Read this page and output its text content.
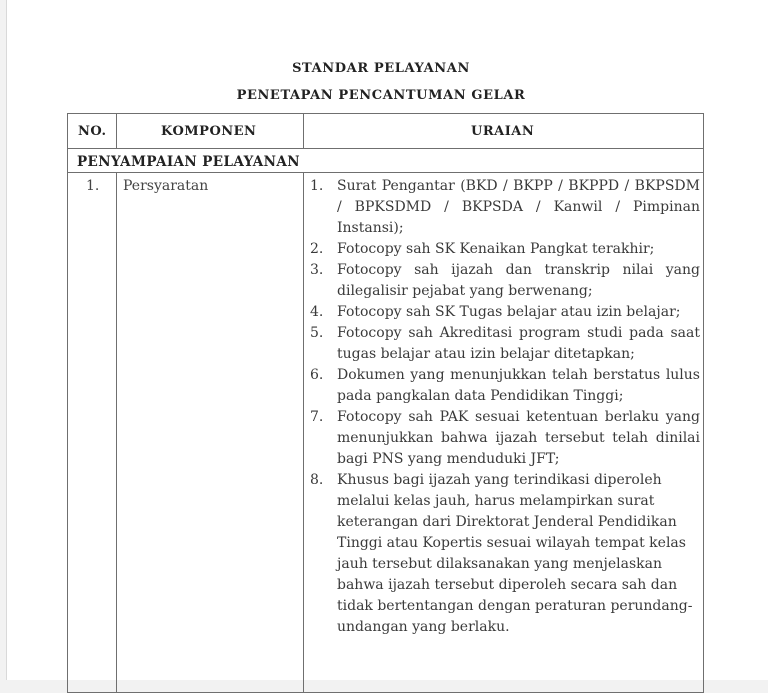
STANDAR PELAYANAN
PENETAPAN PENCANTUMAN GELAR
NO.	KOMPONEN	URAIAN
PENYAMPAIAN PELAYANAN
1. Persyaratan	1. Surat Pengantar (BKD / BKPP / BKPPD / BKPSDM / BPKSDMD / BKPSDA / Kanwil / Pimpinan Instansi);
2. Fotocopy sah SK Kenaikan Pangkat terakhir;
3. Fotocopy sah ijazah dan transkrip nilai yang dilegalisir pejabat yang berwenang;
4. Fotocopy sah SK Tugas belajar atau izin belajar;
5. Fotocopy sah Akreditasi program studi pada saat tugas belajar atau izin belajar ditetapkan;
6. Dokumen yang menunjukkan telah berstatus lulus pada pangkalan data Pendidikan Tinggi;
7. Fotocopy sah PAK sesuai ketentuan berlaku yang menunjukkan bahwa ijazah tersebut telah dinilai bagi PNS yang menduduki JFT;
8. Khusus bagi ijazah yang terindikasi diperoleh melalui kelas jauh, harus melampirkan surat keterangan dari Direktorat Jenderal Pendidikan Tinggi atau Kopertis sesuai wilayah tempat kelas jauh tersebut dilaksanakan yang menjelaskan bahwa ijazah tersebut diperoleh secara sah dan tidak bertentangan dengan peraturan perundang-undangan yang berlaku.
